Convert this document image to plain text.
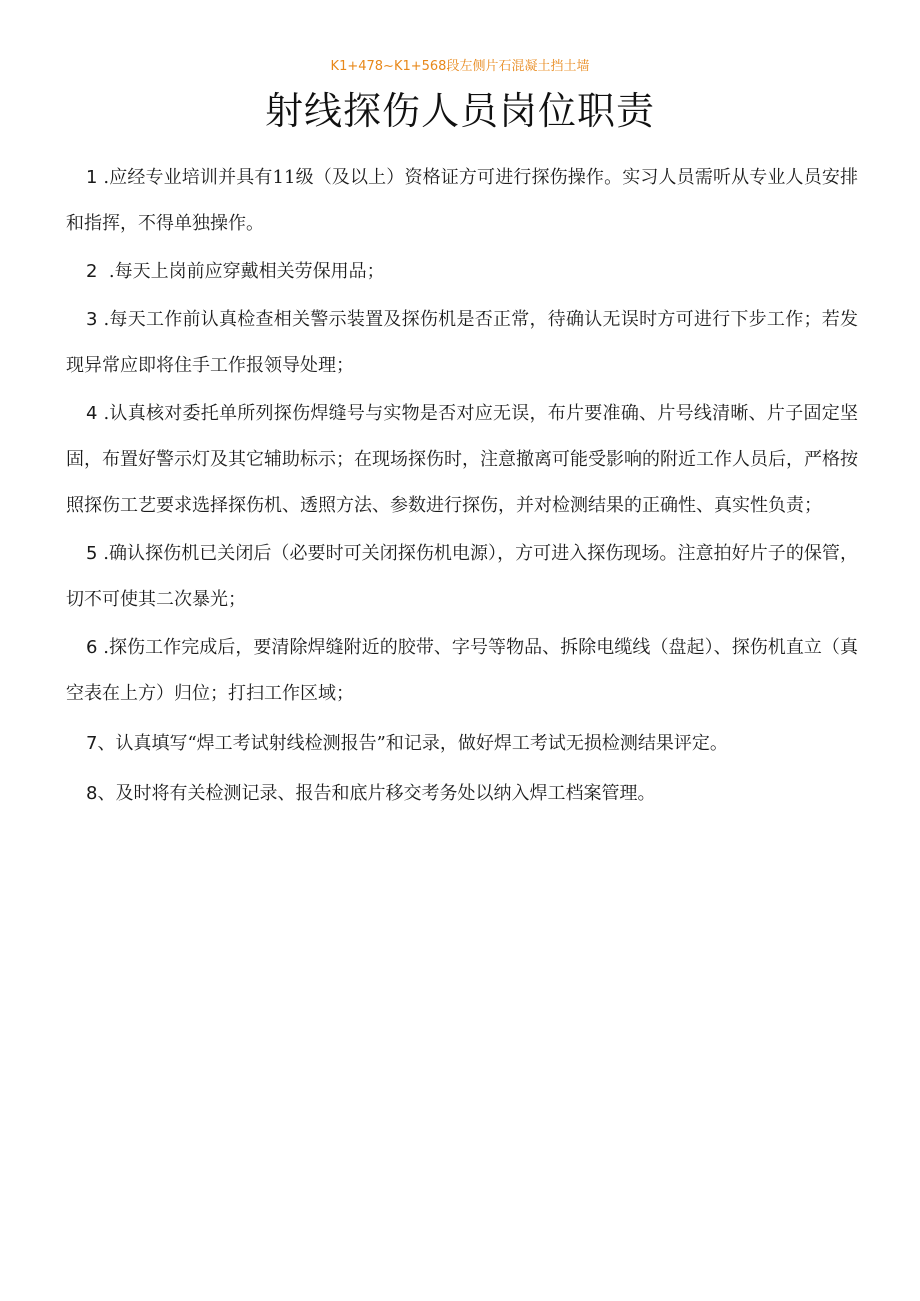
K1+478~K1+568段左侧片石混凝土挡土墙
射线探伤人员岗位职责

1 .应经专业培训并具有11级（及以上）资格证方可进行探伤操作。实习人员需听从专业人员安排和指挥，不得单独操作。

2  .每天上岗前应穿戴相关劳保用品；

3 .每天工作前认真检查相关警示装置及探伤机是否正常，待确认无误时方可进行下步工作；若发现异常应即将住手工作报领导处理；

4 .认真核对委托单所列探伤焊缝号与实物是否对应无误，布片要准确、片号线清晰、片子固定坚固，布置好警示灯及其它辅助标示；在现场探伤时，注意撤离可能受影响的附近工作人员后，严格按照探伤工艺要求选择探伤机、透照方法、参数进行探伤，并对检测结果的正确性、真实性负责；

5 .确认探伤机已关闭后（必要时可关闭探伤机电源），方可进入探伤现场。注意拍好片子的保管，切不可使其二次暴光；

6 .探伤工作完成后，要清除焊缝附近的胶带、字号等物品、拆除电缆线（盘起）、探伤机直立（真空表在上方）归位；打扫工作区域；

7、认真填写“焊工考试射线检测报告”和记录，做好焊工考试无损检测结果评定。

8、及时将有关检测记录、报告和底片移交考务处以纳入焊工档案管理。
